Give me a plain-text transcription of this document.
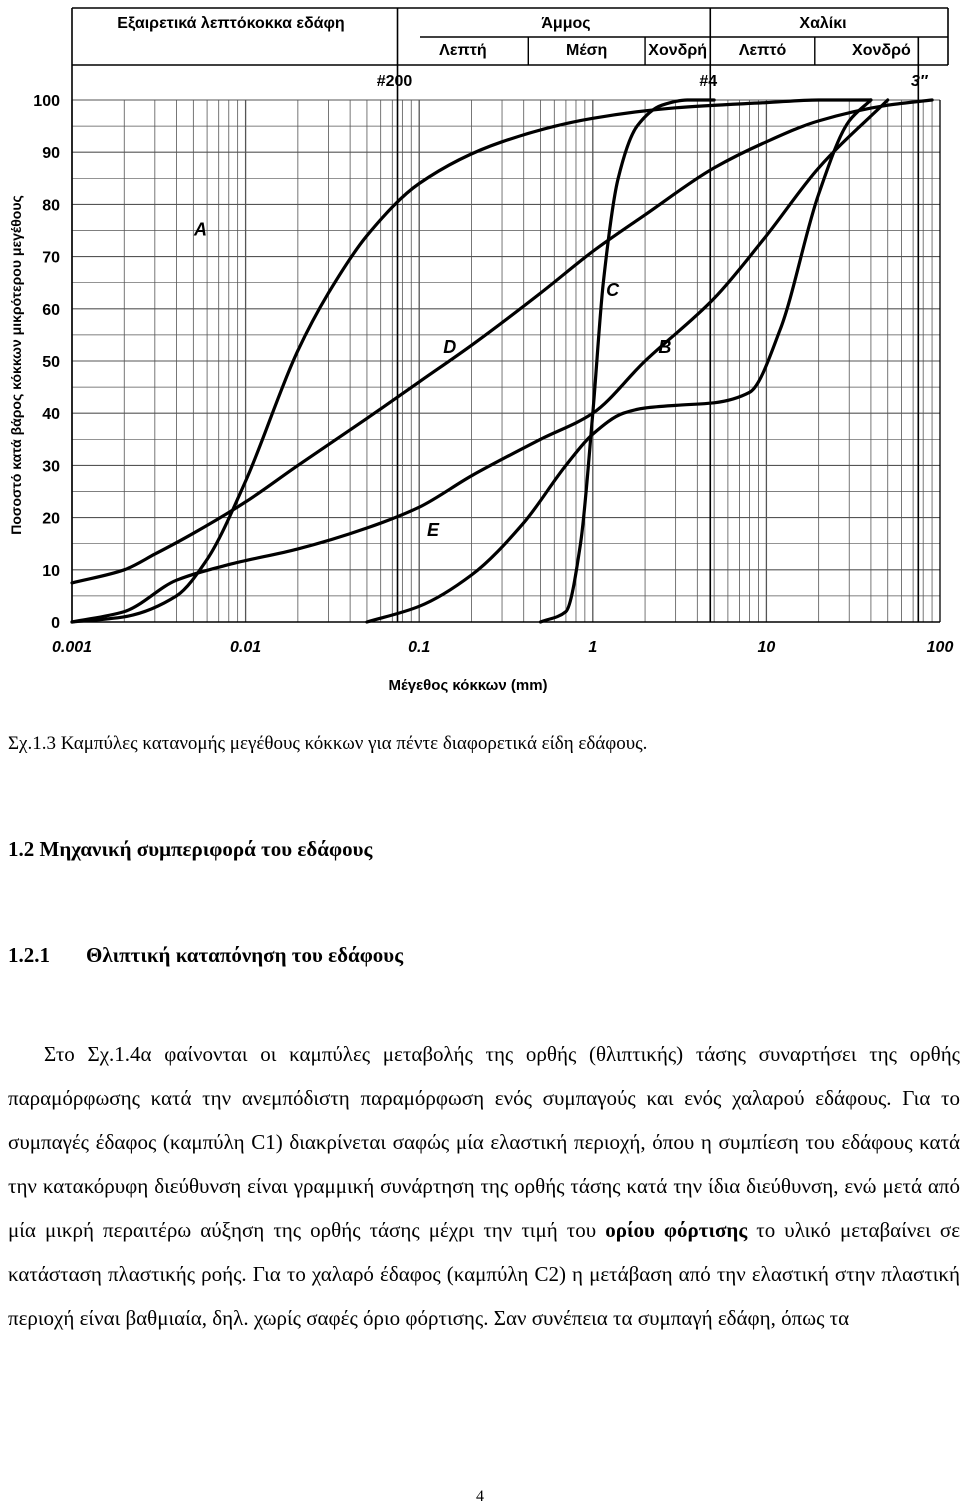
Εξαιρετικά λεπτόκοκκα εδάφη	Άμμος	Χαλίκι
Λεπτή	Μέση	Χονδρή Λεπτό	Χονδρό
#200	#4	3″
0
10
20
30
40
50
60
70
80
90
100
0.001	0.01	0.1	1	10	100
Μέγεθος κόκκων (mm)
Ποσοστό κατά βάρος κόκκων μικρότερου μεγέθους	A
B
C
D
E
Σχ.1.3 Καμπύλες κατανομής μεγέθους κόκκων για πέντε διαφορετικά είδη εδάφους.
1.2 Μηχανική συμπεριφορά του εδάφους
1.2.1 Θλιπτική καταπόνηση του εδάφους
Στο Σχ.1.4α φαίνονται οι καμπύλες μεταβολής της ορθής (θλιπτικής) τάσης συναρτήσει της ορθής παραμόρφωσης κατά την ανεμπόδιστη παραμόρφωση ενός συμπαγούς και ενός χαλαρού εδάφους. Για το συμπαγές έδαφος (καμπύλη C1) διακρίνεται σαφώς μία ελαστική περιοχή, όπου η συμπίεση του εδάφους κατά την κατακόρυφη διεύθυνση είναι γραμμική συνάρτηση της ορθής τάσης κατά την ίδια διεύθυνση, ενώ μετά από μία μικρή περαιτέρω αύξηση της ορθής τάσης μέχρι την τιμή του ορίου φόρτισης το υλικό μεταβαίνει σε κατάσταση πλαστικής ροής. Για το χαλαρό έδαφος (καμπύλη C2) η μετάβαση από την ελαστική στην πλαστική περιοχή είναι βαθμιαία, δηλ. χωρίς σαφές όριο φόρτισης. Σαν συνέπεια τα συμπαγή εδάφη, όπως τα
4
